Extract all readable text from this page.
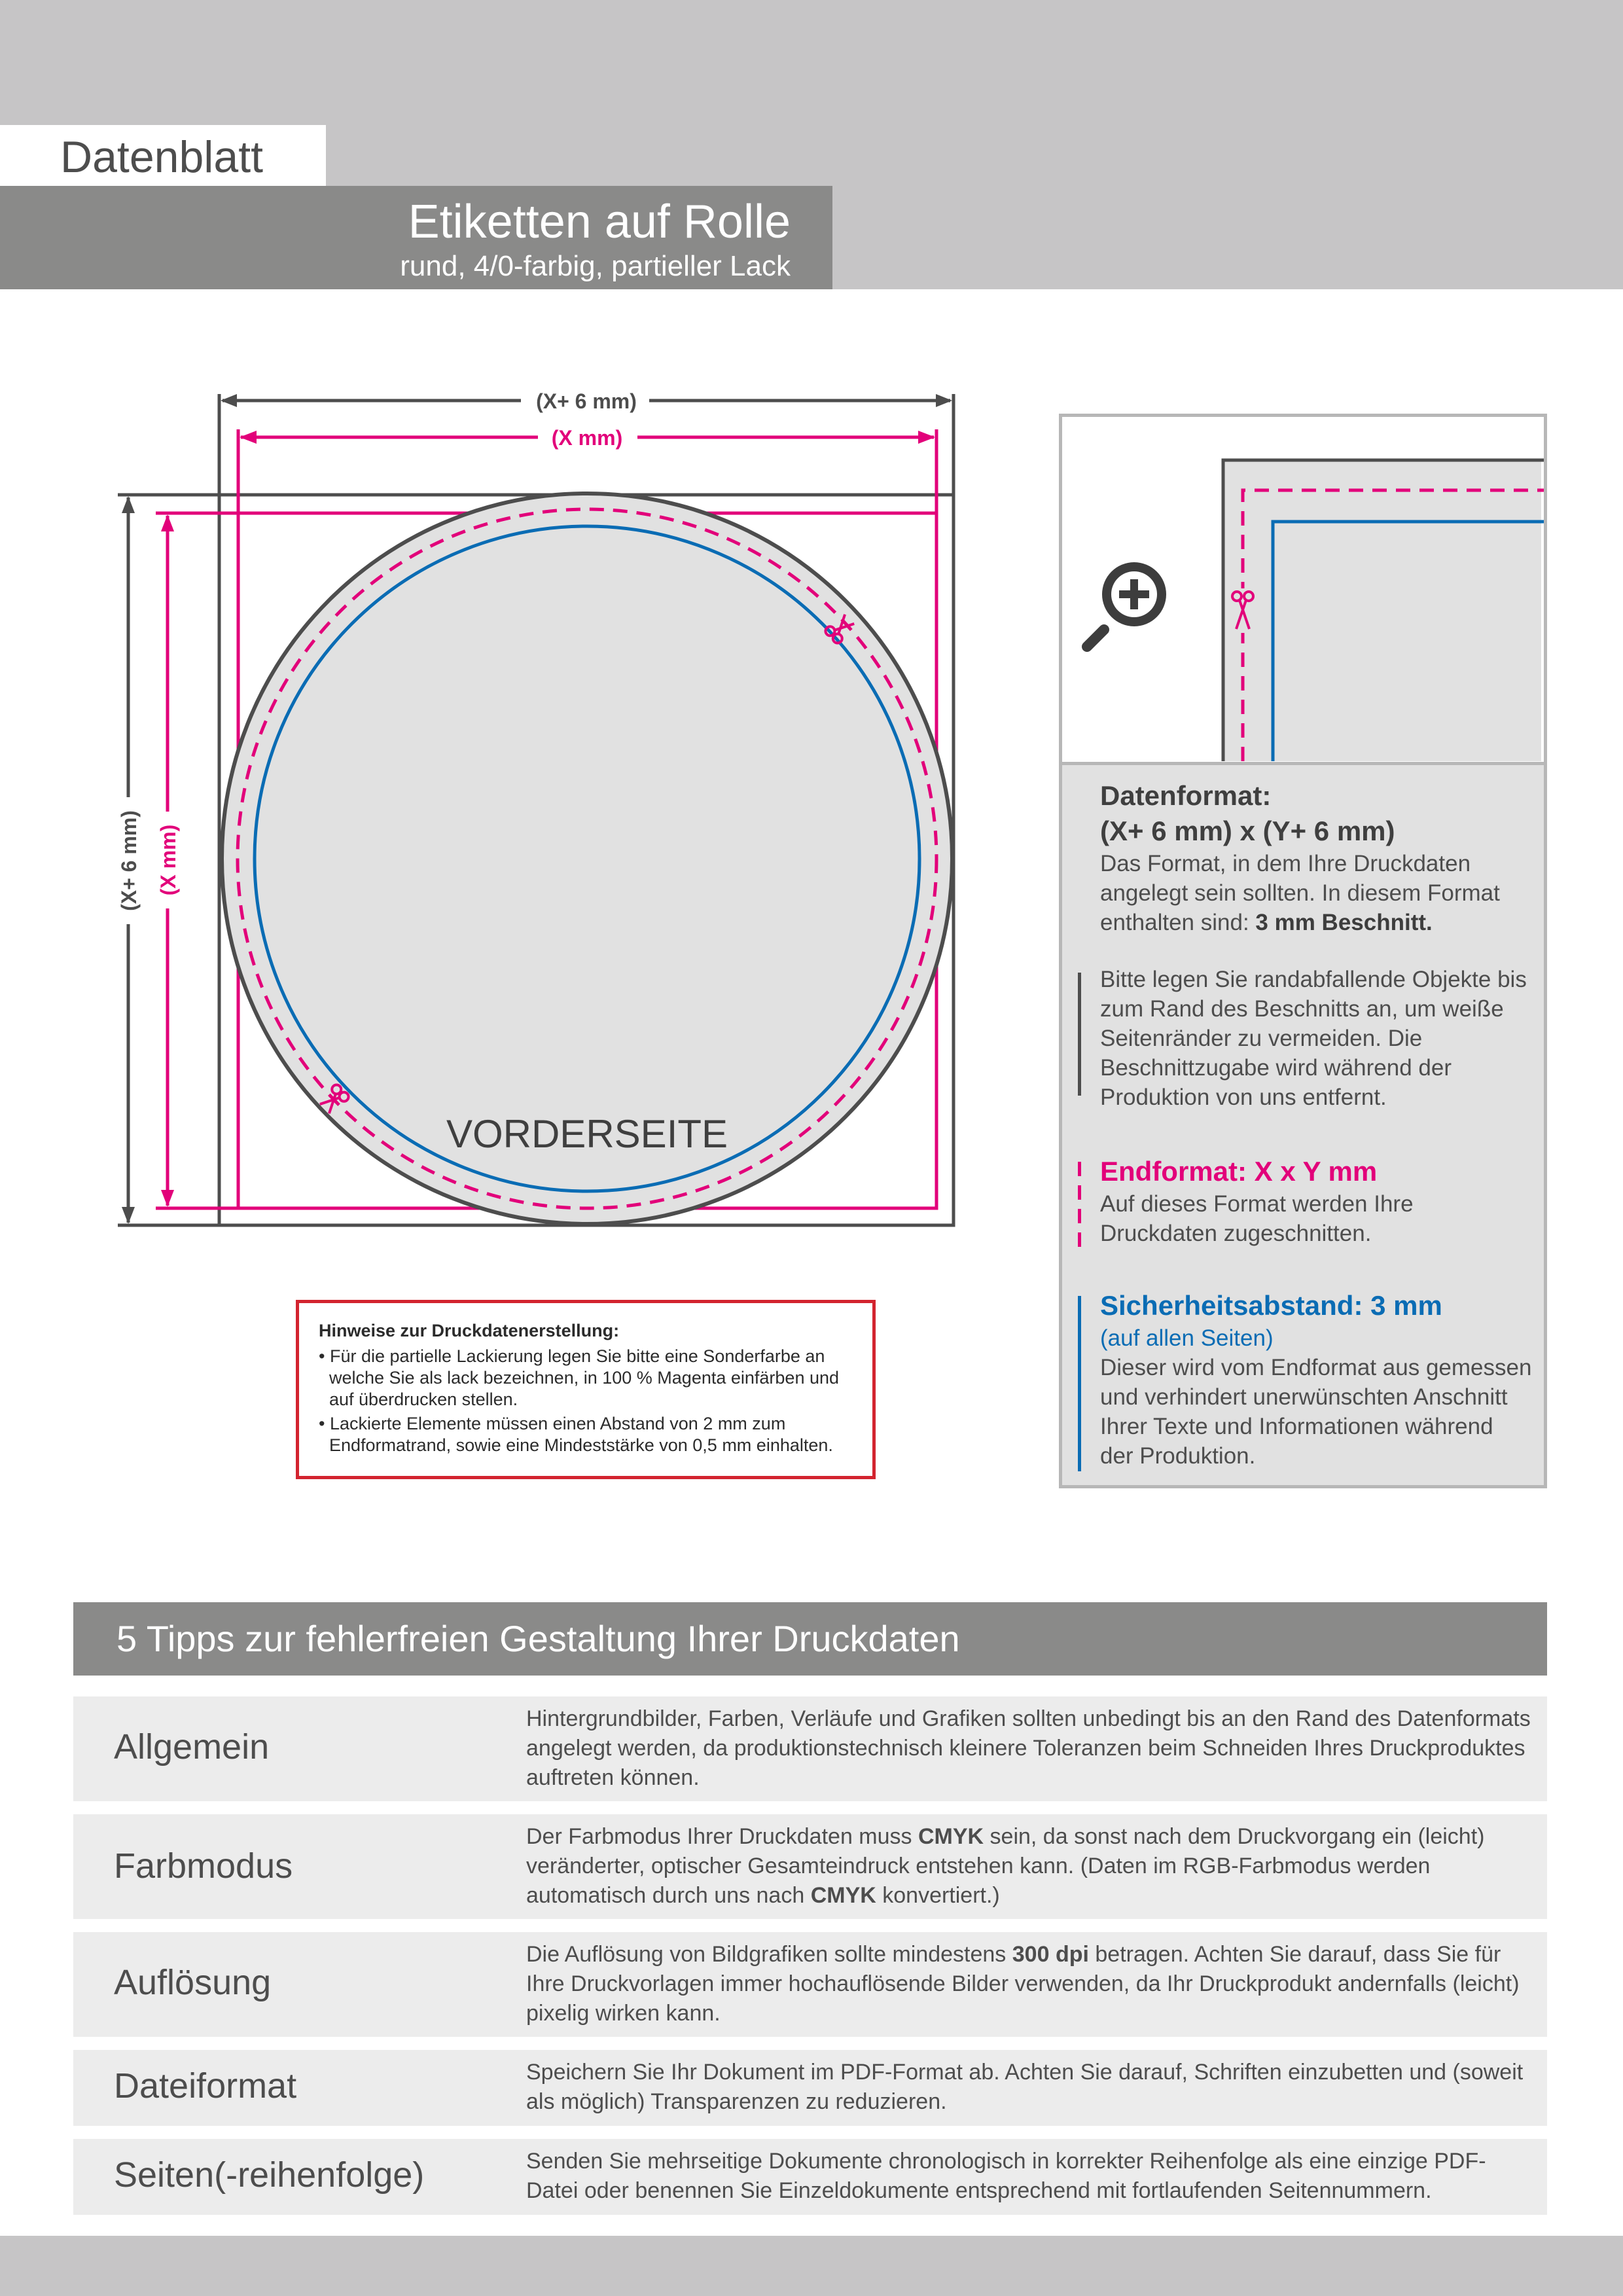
Datenblatt
Etiketten auf Rolle
rund, 4/0-farbig, partieller Lack
(X+ 6 mm)
(X mm)
(X+ 6 mm) (X mm)
VORDERSEITE
Hinweise zur Druckdatenerstellung:
• Für die partielle Lackierung legen Sie bitte eine Sonderfarbe an welche Sie als lack bezeichnen, in 100 % Magenta einfärben und auf überdrucken stellen.
• Lackierte Elemente müssen einen Abstand von 2 mm zum Endformatrand, sowie eine Mindeststärke von 0,5 mm einhalten.
Datenformat:
(X+ 6 mm) x (Y+ 6 mm)
Das Format, in dem Ihre Druckdaten angelegt sein sollten. In diesem Format enthalten sind: 3 mm Beschnitt.
Bitte legen Sie randabfallende Objekte bis zum Rand des Beschnitts an, um weiße Seitenränder zu vermeiden. Die Beschnittzugabe wird während der Produktion von uns entfernt.
Endformat: X x Y mm
Auf dieses Format werden Ihre Druckdaten zugeschnitten.
Sicherheitsabstand: 3 mm
(auf allen Seiten)
Dieser wird vom Endformat aus gemessen und verhindert unerwünschten Anschnitt Ihrer Texte und Informationen während der Produktion.
5 Tipps zur fehlerfreien Gestaltung Ihrer Druckdaten
Allgemein
Hintergrundbilder, Farben, Verläufe und Grafiken sollten unbedingt bis an den Rand des Datenformats angelegt werden, da produktionstechnisch kleinere Toleranzen beim Schneiden Ihres Druckproduktes auftreten können.
Farbmodus
Der Farbmodus Ihrer Druckdaten muss CMYK sein, da sonst nach dem Druckvorgang ein (leicht) veränderter, optischer Gesamteindruck entstehen kann. (Daten im RGB-Farbmodus werden automatisch durch uns nach CMYK konvertiert.)
Auflösung
Die Auflösung von Bildgrafiken sollte mindestens 300 dpi betragen. Achten Sie darauf, dass Sie für Ihre Druckvorlagen immer hochauflösende Bilder verwenden, da Ihr Druckprodukt andernfalls (leicht) pixelig wirken kann.
Dateiformat	Speichern Sie Ihr Dokument im PDF-Format ab. Achten Sie darauf, Schriften einzubetten und (soweit als möglich) Transparenzen zu reduzieren.
Seiten(-reihenfolge)	Senden Sie mehrseitige Dokumente chronologisch in korrekter Reihenfolge als eine einzige PDF-Datei oder benennen Sie Einzeldokumente entsprechend mit fortlaufenden Seitennummern.
